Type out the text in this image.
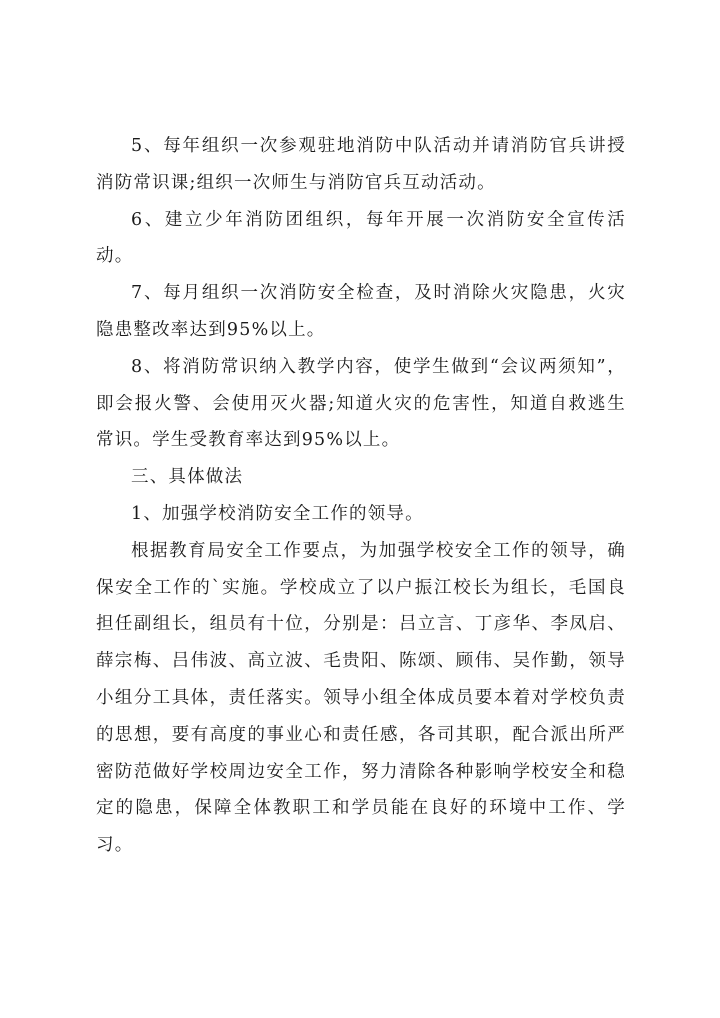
5、每年组织一次参观驻地消防中队活动并请消防官兵讲授消防常识课;组织一次师生与消防官兵互动活动。

6、建立少年消防团组织，每年开展一次消防安全宣传活动。

7、每月组织一次消防安全检查，及时消除火灾隐患，火灾隐患整改率达到95%以上。

8、将消防常识纳入教学内容，使学生做到“会议两须知”，即会报火警、会使用灭火器;知道火灾的危害性，知道自救逃生常识。学生受教育率达到95%以上。

三、具体做法

1、加强学校消防安全工作的领导。

根据教育局安全工作要点，为加强学校安全工作的领导，确保安全工作的`实施。学校成立了以户振江校长为组长，毛国良担任副组长，组员有十位，分别是：吕立言、丁彦华、李凤启、薛宗梅、吕伟波、高立波、毛贵阳、陈颂、顾伟、吴作勤，领导小组分工具体，责任落实。领导小组全体成员要本着对学校负责的思想，要有高度的事业心和责任感，各司其职，配合派出所严密防范做好学校周边安全工作，努力清除各种影响学校安全和稳定的隐患，保障全体教职工和学员能在良好的环境中工作、学习。
